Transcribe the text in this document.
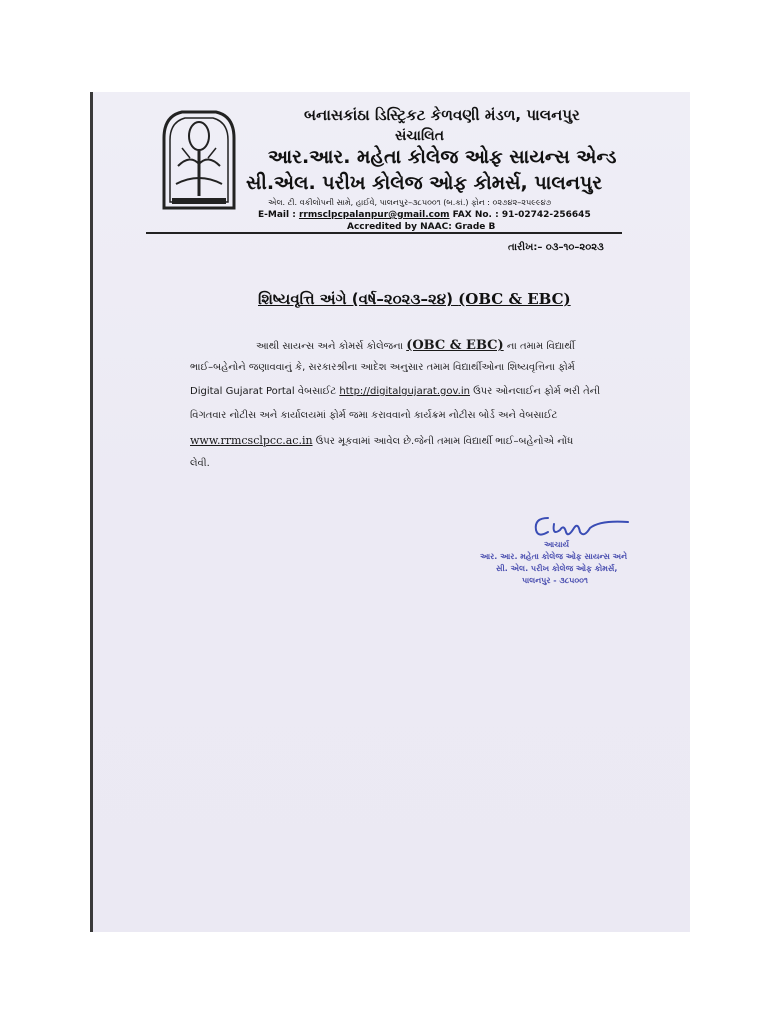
બનાસકાંઠા ડિસ્ટ્રિકટ કેળવણી મંડળ, પાલનપુર
સંચાલિત
આર.આર. મહેતા કોલેજ ઓફ સાયન્સ એન્ડ
સી.એલ. પરીખ કોલેજ ઓફ કોમર્સ, પાલનપુર
એલ. ટી. વકીલોપની સામે, હાઈવે, પાલનપુર–૩૮૫૦૦૧ (બ.કાં.) ફોન : ૦૨૭૪૨–૨૫૯૯૪૭
E-Mail : rrmsclpcpalanpur@gmail.com FAX No. : 91-02742-256645
Accredited by NAAC: Grade B
તારીખ:– ૦૩–૧૦–૨૦૨૩
શિષ્યવૃત્તિ અંગે (વર્ષ–૨૦૨૩–૨૪) (OBC & EBC)
આથી સાયન્સ અને કોમર્સ કોલેજના (OBC & EBC) ના તમામ વિદ્યાર્થી
ભાઈ–બહેનોને જણાવવાનું કે, સરકારશ્રીના આદેશ અનુસાર તમામ વિદ્યાર્થીઓના શિષ્યવૃત્તિના ફોર્મ
Digital Gujarat Portal વેબસાઈટ http://digitalgujarat.gov.in ઉપર ઓનલાઈન ફોર્મ ભરી તેની
વિગતવાર નોટીસ અને કાર્યાલયમાં ફોર્મ જમા કરાવવાનો કાર્યક્રમ નોટીસ બોર્ડ અને વેબસાઈટ
www.rrmcsclpcc.ac.in ઉપર મૂકવામાં આવેલ છે.જેની તમામ વિદ્યાર્થી ભાઈ–બહેનોએ નોંધ
લેવી.
આચાર્ય
આર. આર. મહેતા કોલેજ ઓફ સાયન્સ અને
સી. એલ. પરીખ કોલેજ ઓફ કોમર્સ,
પાલનપુર - ૩૮૫૦૦૧
